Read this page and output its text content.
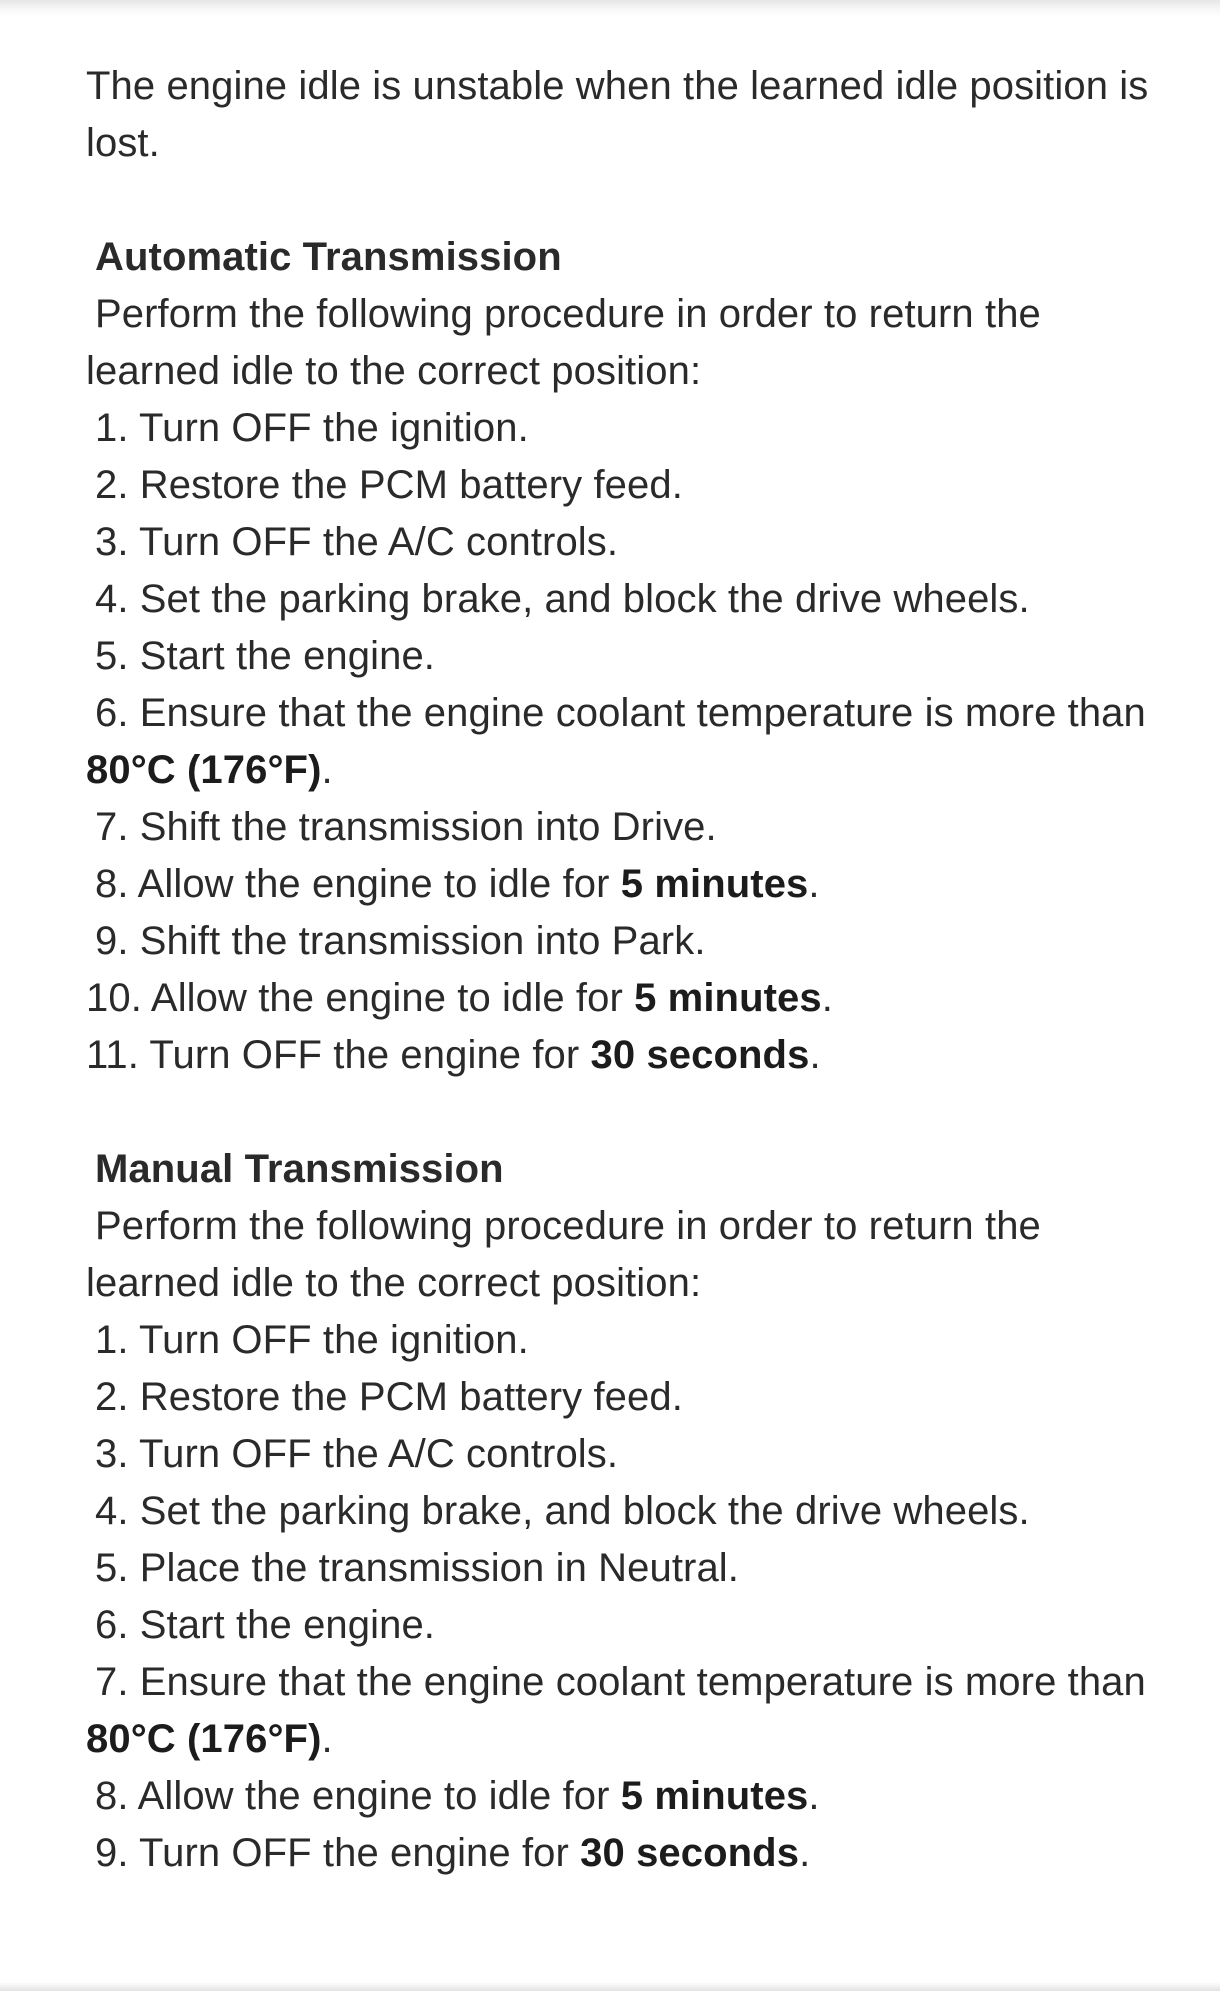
The engine idle is unstable when the learned idle position is

lost.

Automatic Transmission

Perform the following procedure in order to return the

learned idle to the correct position:

1. Turn OFF the ignition.

2. Restore the PCM battery feed.

3. Turn OFF the A/C controls.

4. Set the parking brake, and block the drive wheels.

5. Start the engine.

6. Ensure that the engine coolant temperature is more than

80°C (176°F).

7. Shift the transmission into Drive.

8. Allow the engine to idle for 5 minutes.

9. Shift the transmission into Park.

10. Allow the engine to idle for 5 minutes.

11. Turn OFF the engine for 30 seconds.

Manual Transmission

Perform the following procedure in order to return the

learned idle to the correct position:

1. Turn OFF the ignition.

2. Restore the PCM battery feed.

3. Turn OFF the A/C controls.

4. Set the parking brake, and block the drive wheels.

5. Place the transmission in Neutral.

6. Start the engine.

7. Ensure that the engine coolant temperature is more than

80°C (176°F).

8. Allow the engine to idle for 5 minutes.

9. Turn OFF the engine for 30 seconds.
